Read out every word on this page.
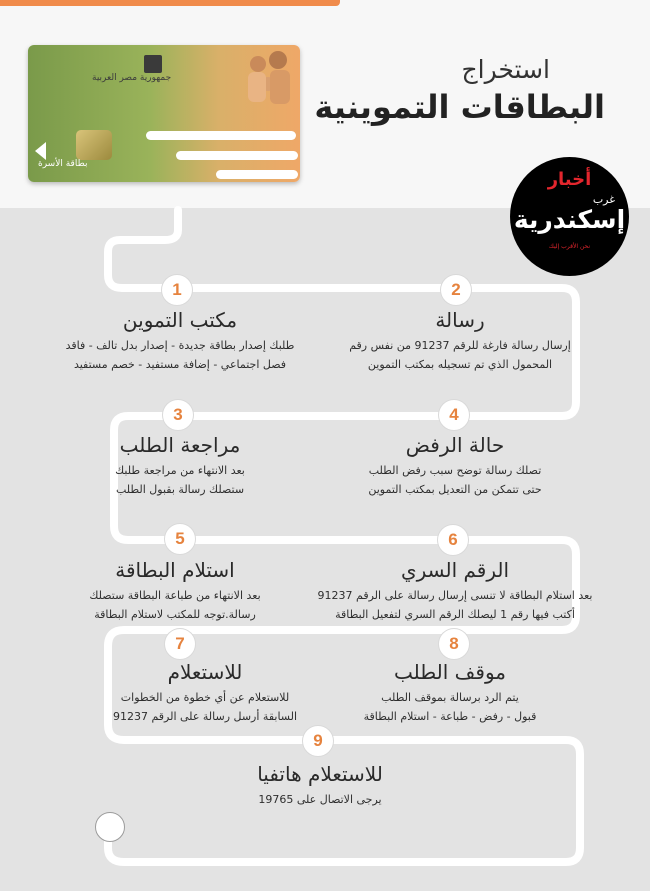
جمهورية مصر العربية
بطاقة الأسرة
استخراج
البطاقات التموينية
أخبار
غرب
إسكندرية
نحن الأقرب إليك
1	2
3	4
5	6
7	8
9
مكتب التموين

طلبك إصدار بطاقة جديدة - إصدار بدل تالف - فاقد
فصل اجتماعي - إضافة مستفيد - خصم مستفيد

رسالة

إرسال رسالة فارغة للرقم 91237 من نفس رقم
المحمول الذي تم تسجيله بمكتب التموين

مراجعة الطلب

بعد الانتهاء من مراجعة طلبك
ستصلك رسالة بقبول الطلب

حالة الرفض

تصلك رسالة توضح سبب رفض الطلب
حتى تتمكن من التعديل بمكتب التموين

استلام البطاقة

بعد الانتهاء من طباعة البطاقة ستصلك
رسالة.توجه للمكتب لاستلام البطاقة

الرقم السري

بعد استلام البطاقة لا تنسى إرسال رسالة على الرقم 91237
أكتب فيها رقم 1 ليصلك الرقم السري لتفعيل البطاقة

للاستعلام

للاستعلام عن أي خطوة من الخطوات
السابقة أرسل رسالة على الرقم 91237

موقف الطلب

يتم الرد برسالة بموقف الطلب
قبول - رفض - طباعة - استلام البطاقة

للاستعلام هاتفيا

يرجى الاتصال على 19765
